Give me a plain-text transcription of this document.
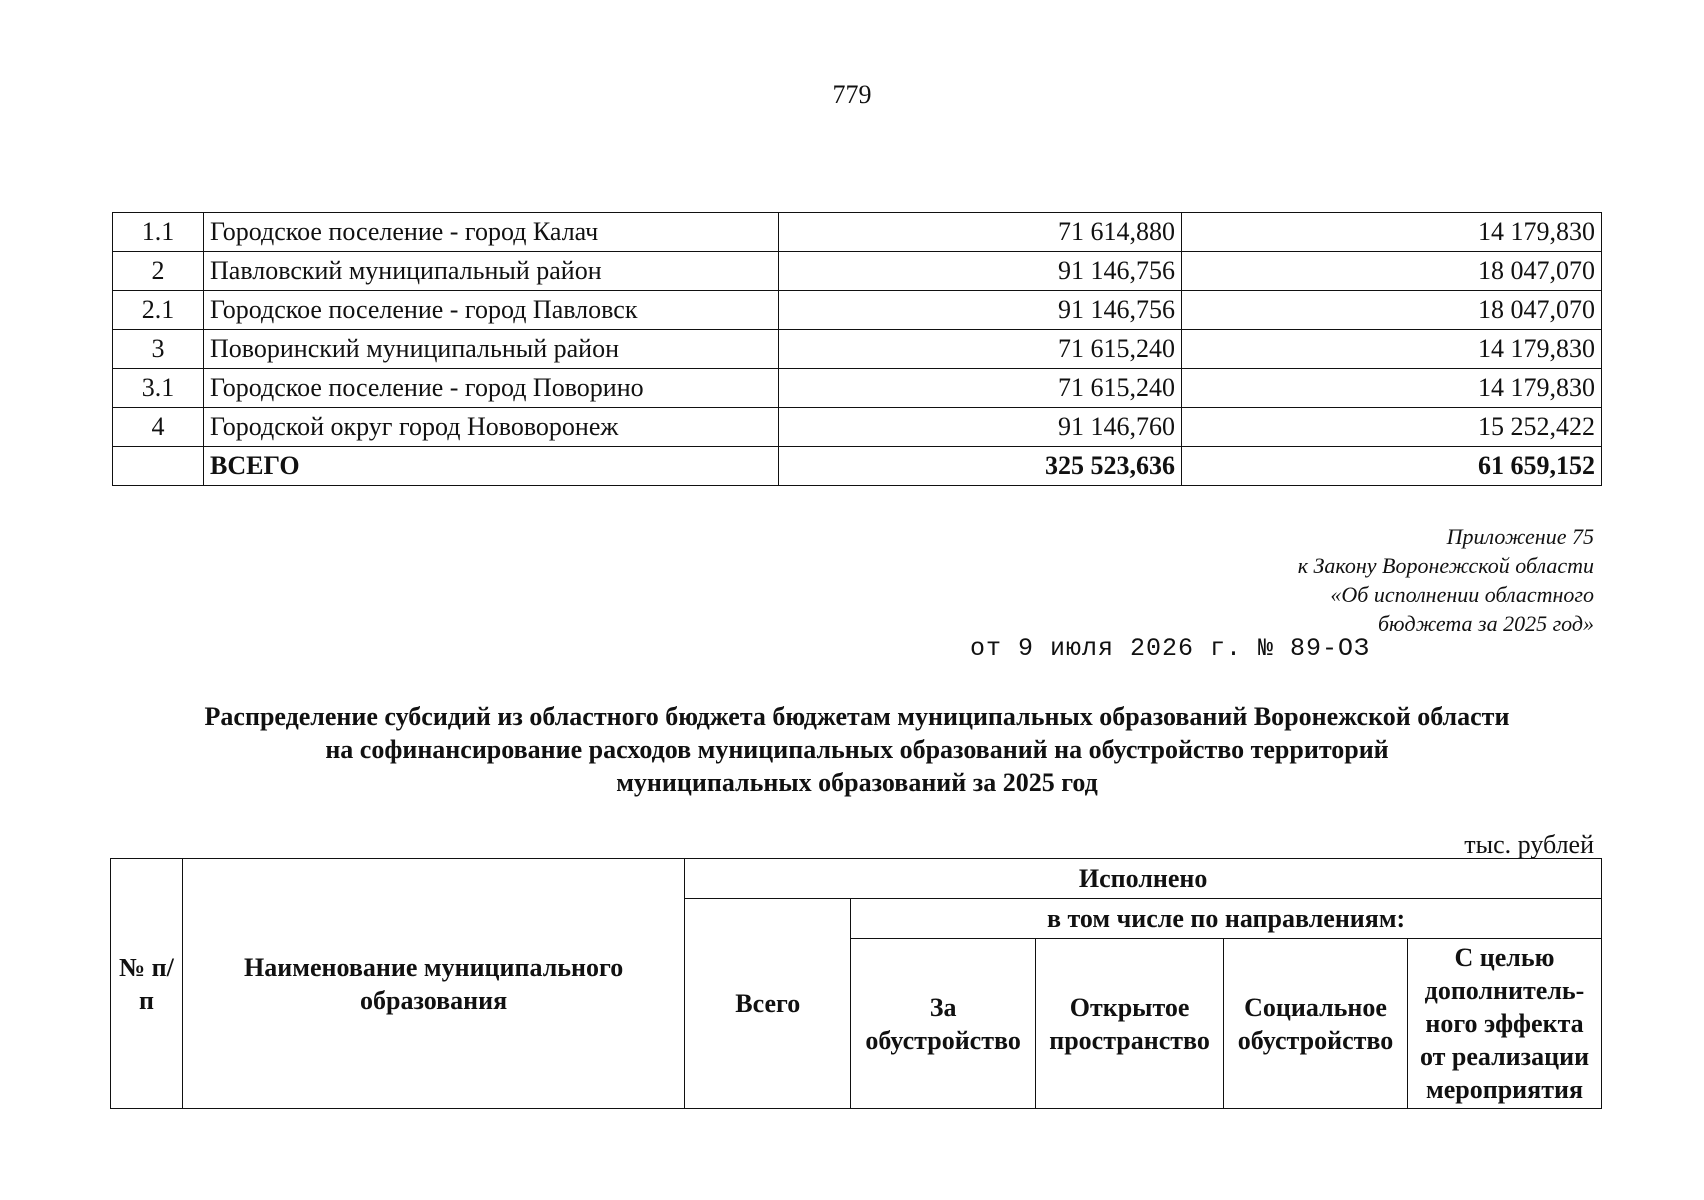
779
1.1	Городское поселение - город Калач	71 614,880	14 179,830
2	Павловский муниципальный район	91 146,756	18 047,070
2.1	Городское поселение - город Павловск	91 146,756	18 047,070
3	Поворинский муниципальный район	71 615,240	14 179,830
3.1	Городское поселение - город Поворино	71 615,240	14 179,830
4	Городской округ город Нововоронеж	91 146,760	15 252,422
	ВСЕГО	325 523,636	61 659,152
Приложение 75
к Закону Воронежской области
«Об исполнении областного
бюджета за 2025 год»
от 9 июля 2026 г. № 89-ОЗ
Распределение субсидий из областного бюджета бюджетам муниципальных образований Воронежской области
на софинансирование расходов муниципальных образований на обустройство территорий
муниципальных образований за 2025 год
тыс. рублей
№ п/п	Наименование муниципального образования	Исполнено				
		Всего	в том числе по направлениям:			
			За обустройство	Открытое пространство	Социальное обустройство	С целью дополнитель-ного эффекта от реализации мероприятия
